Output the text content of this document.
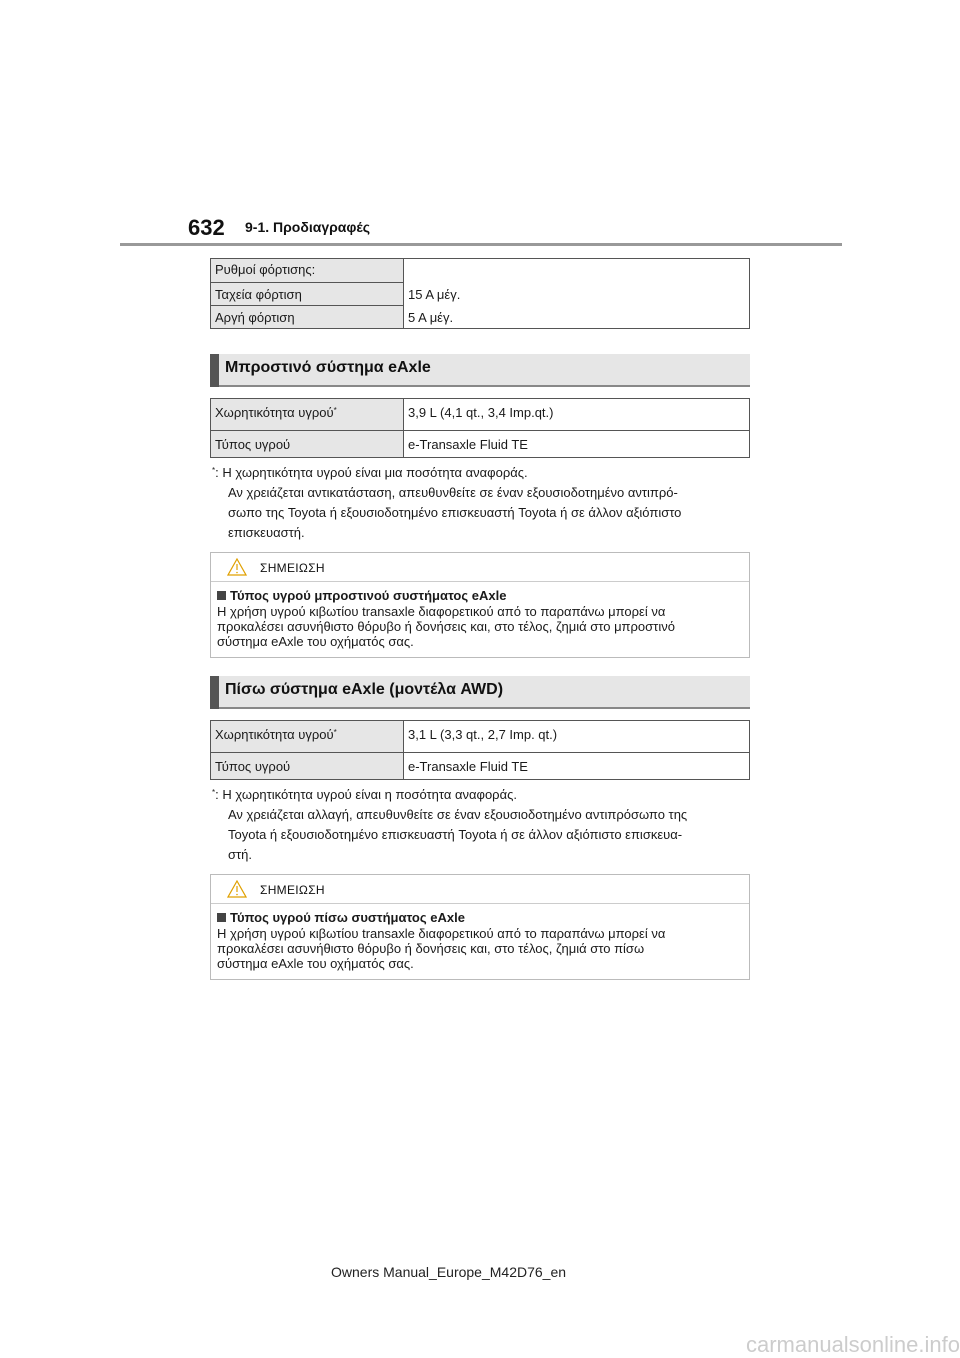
632 9-1. Προδιαγραφές
Ρυθμοί φόρτισης:	
Ταχεία φόρτιση	15 A μέγ.
Αργή φόρτιση	5 A μέγ.
Μπροστινό σύστημα eAxle
Χωρητικότητα υγρού*	3,9 L (4,1 qt., 3,4 Imp.qt.)
Τύπος υγρού	e-Transaxle Fluid TE
*: Η χωρητικότητα υγρού είναι μια ποσότητα αναφοράς.
Αν χρειάζεται αντικατάσταση, απευθυνθείτε σε έναν εξουσιοδοτημένο αντιπρό-
σωπο της Toyota ή εξουσιοδοτημένο επισκευαστή Toyota ή σε άλλον αξιόπιστο
επισκευαστή.
ΣΗΜΕΙΩΣΗ
Τύπος υγρού μπροστινού συστήματος eAxle
Η χρήση υγρού κιβωτίου transaxle διαφορετικού από το παραπάνω μπορεί να
προκαλέσει ασυνήθιστο θόρυβο ή δονήσεις και, στο τέλος, ζημιά στο μπροστινό
σύστημα eAxle του οχήματός σας.
Πίσω σύστημα eAxle (μοντέλα AWD)
Χωρητικότητα υγρού*	3,1 L (3,3 qt., 2,7 Imp. qt.)
Τύπος υγρού	e-Transaxle Fluid TE
*: Η χωρητικότητα υγρού είναι η ποσότητα αναφοράς.
Αν χρειάζεται αλλαγή, απευθυνθείτε σε έναν εξουσιοδοτημένο αντιπρόσωπο της
Toyota ή εξουσιοδοτημένο επισκευαστή Toyota ή σε άλλον αξιόπιστο επισκευα-
στή.
ΣΗΜΕΙΩΣΗ
Τύπος υγρού πίσω συστήματος eAxle
Η χρήση υγρού κιβωτίου transaxle διαφορετικού από το παραπάνω μπορεί να
προκαλέσει ασυνήθιστο θόρυβο ή δονήσεις και, στο τέλος, ζημιά στο πίσω
σύστημα eAxle του οχήματός σας.
Owners Manual_Europe_M42D76_en
carmanualsonline.info
